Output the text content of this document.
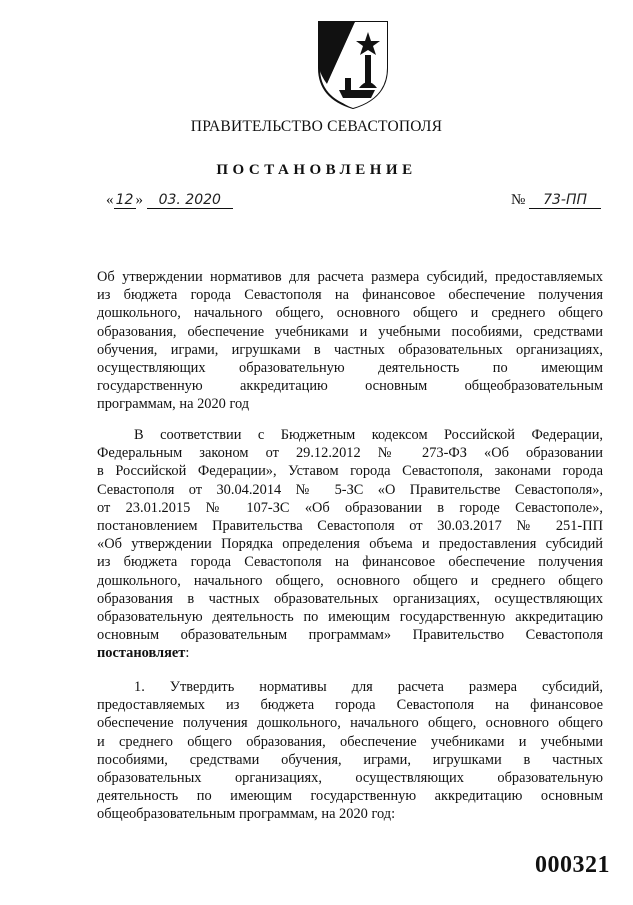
ПРАВИТЕЛЬСТВО СЕВАСТОПОЛЯ
ПОСТАНОВЛЕНИЕ
« 12 » 03. 2020	№ 73-ПП
Об утверждении нормативов для расчета размера субсидий, предоставляемых
из бюджета города Севастополя на финансовое обеспечение получения
дошкольного, начального общего, основного общего и среднего общего
образования, обеспечение учебниками и учебными пособиями, средствами
обучения, играми, игрушками в частных образовательных организациях,
осуществляющих образовательную деятельность по имеющим
государственную аккредитацию основным общеобразовательным
программам, на 2020 год
В соответствии с Бюджетным кодексом Российской Федерации,
Федеральным законом от 29.12.2012 № 273-ФЗ «Об образовании
в Российской Федерации», Уставом города Севастополя, законами города
Севастополя от 30.04.2014 № 5-ЗС «О Правительстве Севастополя»,
от 23.01.2015 № 107-ЗС «Об образовании в городе Севастополе»,
постановлением Правительства Севастополя от 30.03.2017 № 251-ПП
«Об утверждении Порядка определения объема и предоставления субсидий
из бюджета города Севастополя на финансовое обеспечение получения
дошкольного, начального общего, основного общего и среднего общего
образования в частных образовательных организациях, осуществляющих
образовательную деятельность по имеющим государственную аккредитацию
основным образовательным программам» Правительство Севастополя
постановляет:
1. Утвердить нормативы для расчета размера субсидий,
предоставляемых из бюджета города Севастополя на финансовое
обеспечение получения дошкольного, начального общего, основного общего
и среднего общего образования, обеспечение учебниками и учебными
пособиями, средствами обучения, играми, игрушками в частных
образовательных организациях, осуществляющих образовательную
деятельность по имеющим государственную аккредитацию основным
общеобразовательным программам, на 2020 год:
000321
